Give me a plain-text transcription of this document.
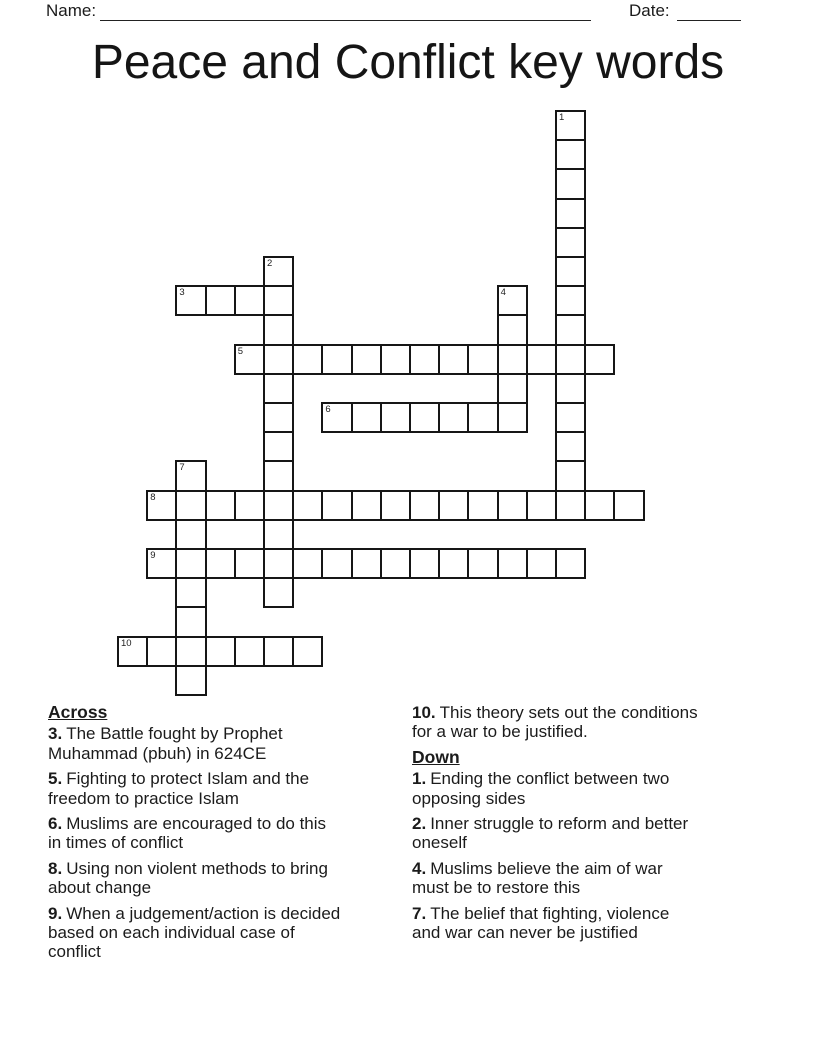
Name:	Date:
Peace and Conflict key words
1
2
3	4
5
6
7
8
9
10
Across

3. The Battle fought by Prophet Muhammad (pbuh) in 624CE

5. Fighting to protect Islam and the freedom to practice Islam

6. Muslims are encouraged to do this in times of conflict

8. Using non violent methods to bring about change

9. When a judgement/action is decided based on each individual case of conflict

10. This theory sets out the conditions for a war to be justified.

Down

1. Ending the conflict between two opposing sides

2. Inner struggle to reform and better oneself

4. Muslims believe the aim of war must be to restore this

7. The belief that fighting, violence and war can never be justified
